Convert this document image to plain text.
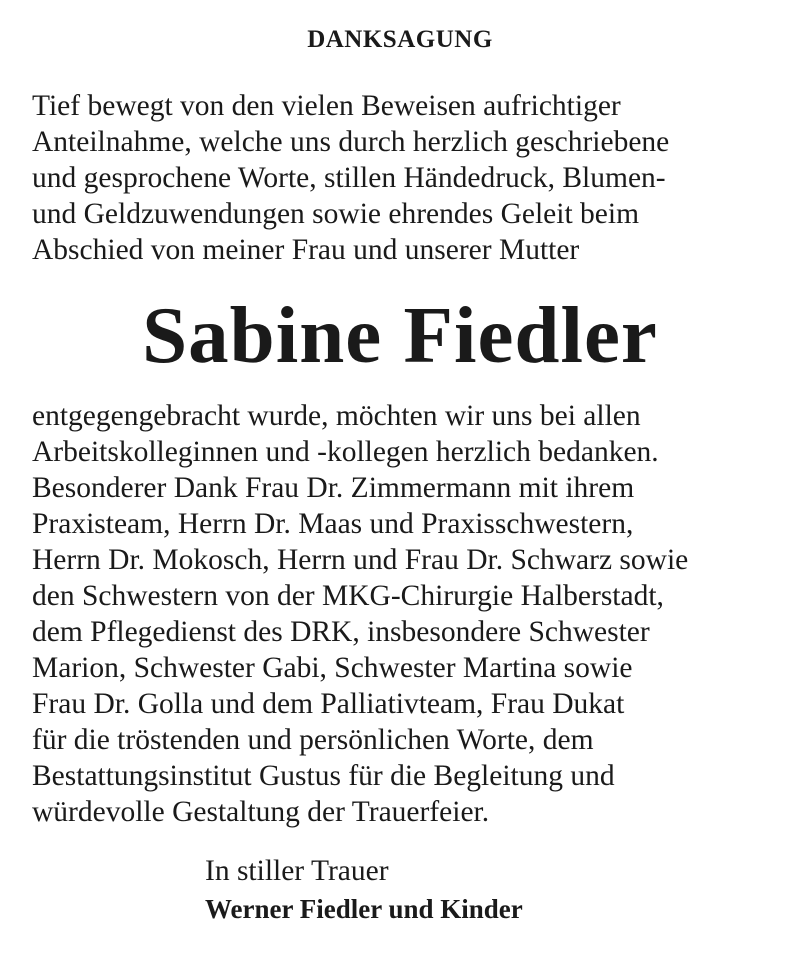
DANKSAGUNG
Tief bewegt von den vielen Beweisen aufrichtiger
Anteilnahme, welche uns durch herzlich geschriebene
und gesprochene Worte, stillen Händedruck, Blumen-
und Geldzuwendungen sowie ehrendes Geleit beim
Abschied von meiner Frau und unserer Mutter
Sabine Fiedler
entgegengebracht wurde, möchten wir uns bei allen
Arbeitskolleginnen und -kollegen herzlich bedanken.
Besonderer Dank Frau Dr. Zimmermann mit ihrem
Praxisteam, Herrn Dr. Maas und Praxisschwestern,
Herrn Dr. Mokosch, Herrn und Frau Dr. Schwarz sowie
den Schwestern von der MKG-Chirurgie Halberstadt,
dem Pflegedienst des DRK, insbesondere Schwester
Marion, Schwester Gabi, Schwester Martina sowie
Frau Dr. Golla und dem Palliativteam, Frau Dukat
für die tröstenden und persönlichen Worte, dem
Bestattungsinstitut Gustus für die Begleitung und
würdevolle Gestaltung der Trauerfeier.
In stiller Trauer
Werner Fiedler und Kinder
